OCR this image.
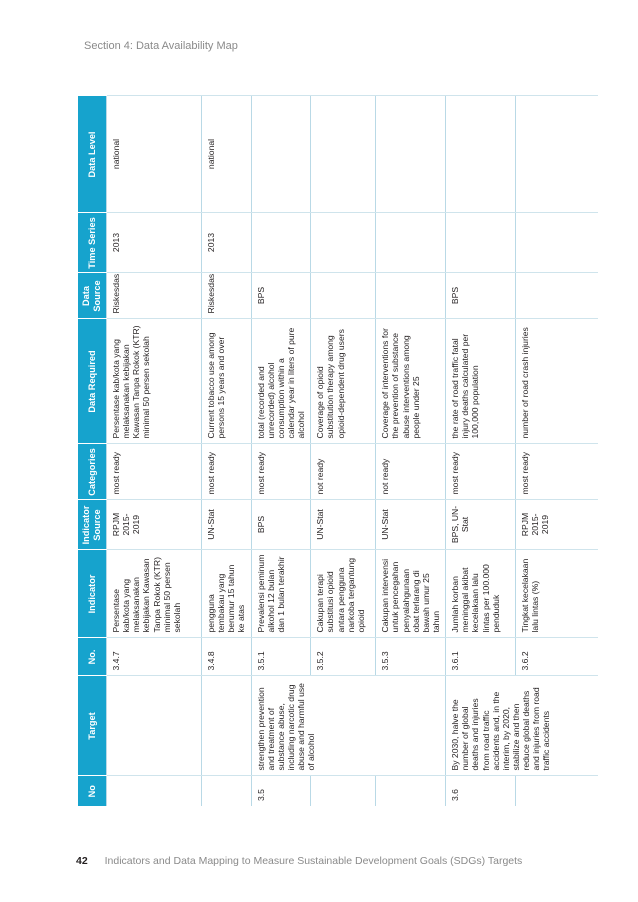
Section 4: Data Availability Map
No	Target	No.	Indicator	Indicator Source	Categories	Data Required	Data Source	Time Series	Data Level
		3.4.7	Persentase kab/kota yang melaksanakan kebijakan Kawasan Tanpa Rokok (KTR) minimal 50 persen sekolah	RPJM 2015-2019	most ready	Persentase kab/kota yang melaksanakan kebijakan Kawasan Tanpa Rokok (KTR) minimal 50 persen sekolah	Riskesdas	2013	national
		3.4.8	pengguna tembakau yang berumur 15 tahun ke atas	UN-Stat	most ready	Current tobacco use among persons 15 years and over	Riskesdas	2013	national
3.5	strengthen prevention and treatment of substance abuse, including narcotic drug abuse and harmful use of alcohol	3.5.1	Prevalensi peminum alkohol 12 bulan dan 1 bulan terakhir	BPS	most ready	total (recorded and unrecorded) alcohol consumption within a calendar year in liters of pure alcohol	BPS		
		3.5.2	Cakupan terapi substitusi opioid antara pengguna narkoba tergantung opioid	UN-Stat	not ready	Coverage of opioid substitution therapy among opioid-dependent drug users			
		3.5.3	Cakupan intervensi untuk pencegahan penyalahgunaan obat terlarang di bawah umur 25 tahun	UN-Stat	not ready	Coverage of interventions for the prevention of substance abuse interventions among people under 25			
3.6	By 2030, halve the number of global deaths and injuries from road traffic accidents and, in the interim, by 2020, stabilize and then reduce global deaths and injuries from road traffic accidents	3.6.1	Jumlah korban meninggal akibat kecelakaan lalu lintas per 100.000 penduduk	BPS, UN-Stat	most ready	the rate of road traffic fatal injury deaths calculated per 100,000 population	BPS		
		3.6.2	Tingkat kecelakaan lalu lintas (%)	RPJM 2015-2019	most ready	number of road crash injuries			
42 Indicators and Data Mapping to Measure Sustainable Development Goals (SDGs) Targets
